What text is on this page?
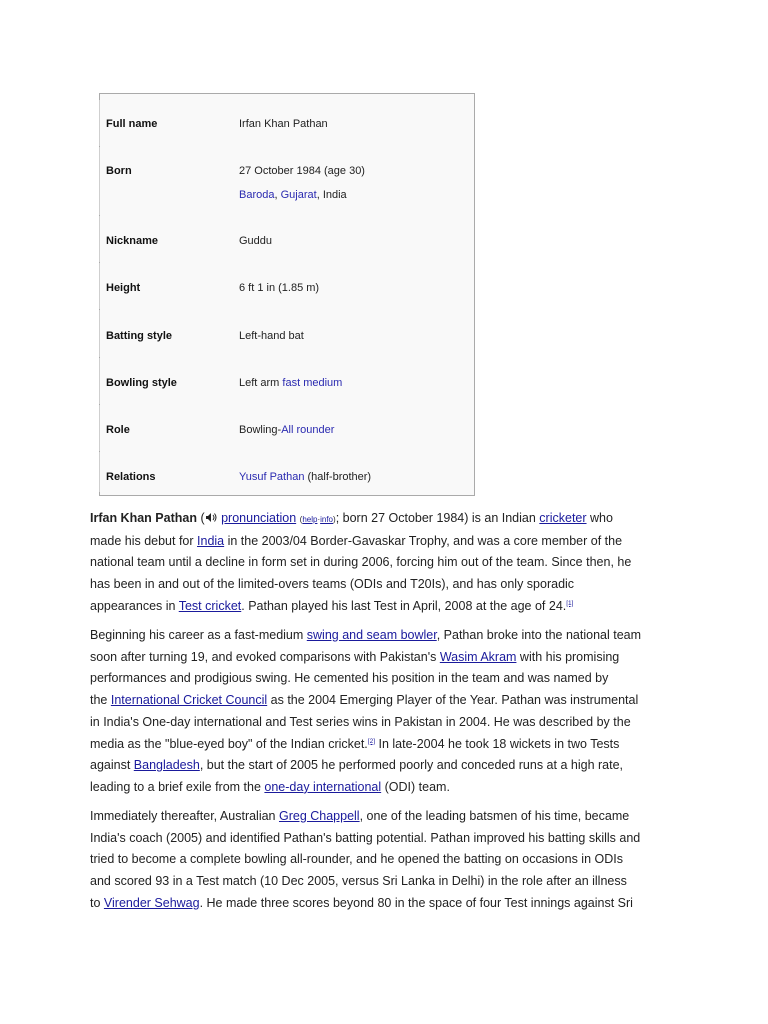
Full name	Irfan Khan Pathan
Born	27 October 1984 (age 30)
Baroda, Gujarat, India
Nickname	Guddu
Height	6 ft 1 in (1.85 m)
Batting style	Left-hand bat
Bowling style	Left arm fast medium
Role	Bowling-All rounder
Relations	Yusuf Pathan (half-brother)
Irfan Khan Pathan ( pronunciation (help·info); born 27 October 1984) is an Indian cricketer who
made his debut for India in the 2003/04 Border-Gavaskar Trophy, and was a core member of the
national team until a decline in form set in during 2006, forcing him out of the team. Since then, he
has been in and out of the limited-overs teams (ODIs and T20Is), and has only sporadic
appearances in Test cricket. Pathan played his last Test in April, 2008 at the age of 24.[1]
Beginning his career as a fast-medium swing and seam bowler, Pathan broke into the national team
soon after turning 19, and evoked comparisons with Pakistan's Wasim Akram with his promising
performances and prodigious swing. He cemented his position in the team and was named by
the International Cricket Council as the 2004 Emerging Player of the Year. Pathan was instrumental
in India's One-day international and Test series wins in Pakistan in 2004. He was described by the
media as the "blue-eyed boy" of the Indian cricket.[2] In late-2004 he took 18 wickets in two Tests
against Bangladesh, but the start of 2005 he performed poorly and conceded runs at a high rate,
leading to a brief exile from the one-day international (ODI) team.
Immediately thereafter, Australian Greg Chappell, one of the leading batsmen of his time, became
India's coach (2005) and identified Pathan's batting potential. Pathan improved his batting skills and
tried to become a complete bowling all-rounder, and he opened the batting on occasions in ODIs
and scored 93 in a Test match (10 Dec 2005, versus Sri Lanka in Delhi) in the role after an illness
to Virender Sehwag. He made three scores beyond 80 in the space of four Test innings against Sri
